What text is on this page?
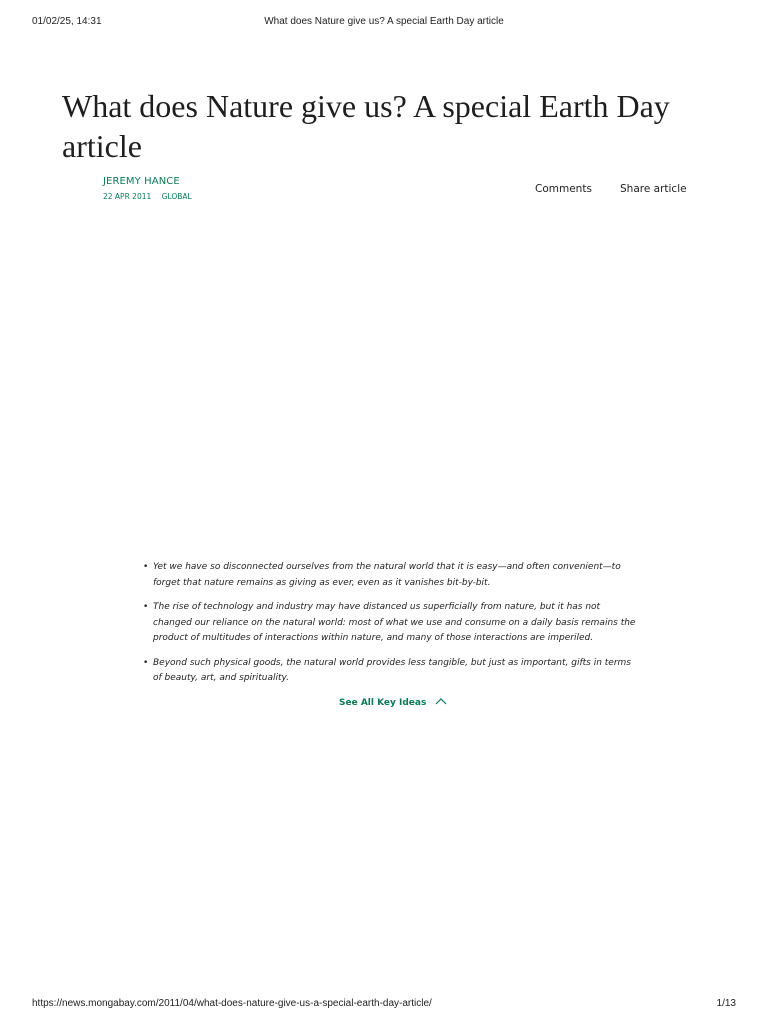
01/02/25, 14:31	What does Nature give us? A special Earth Day article
What does Nature give us? A special Earth Day article
JEREMY HANCE
22 APR 2011 GLOBAL
Comments	Share article
• Yet we have so disconnected ourselves from the natural world that it is easy—and often convenient—to forget that nature remains as giving as ever, even as it vanishes bit-by-bit.
• The rise of technology and industry may have distanced us superficially from nature, but it has not changed our reliance on the natural world: most of what we use and consume on a daily basis remains the product of multitudes of interactions within nature, and many of those interactions are imperiled.
• Beyond such physical goods, the natural world provides less tangible, but just as important, gifts in terms of beauty, art, and spirituality.
See All Key Ideas
https://news.mongabay.com/2011/04/what-does-nature-give-us-a-special-earth-day-article/	1/13
